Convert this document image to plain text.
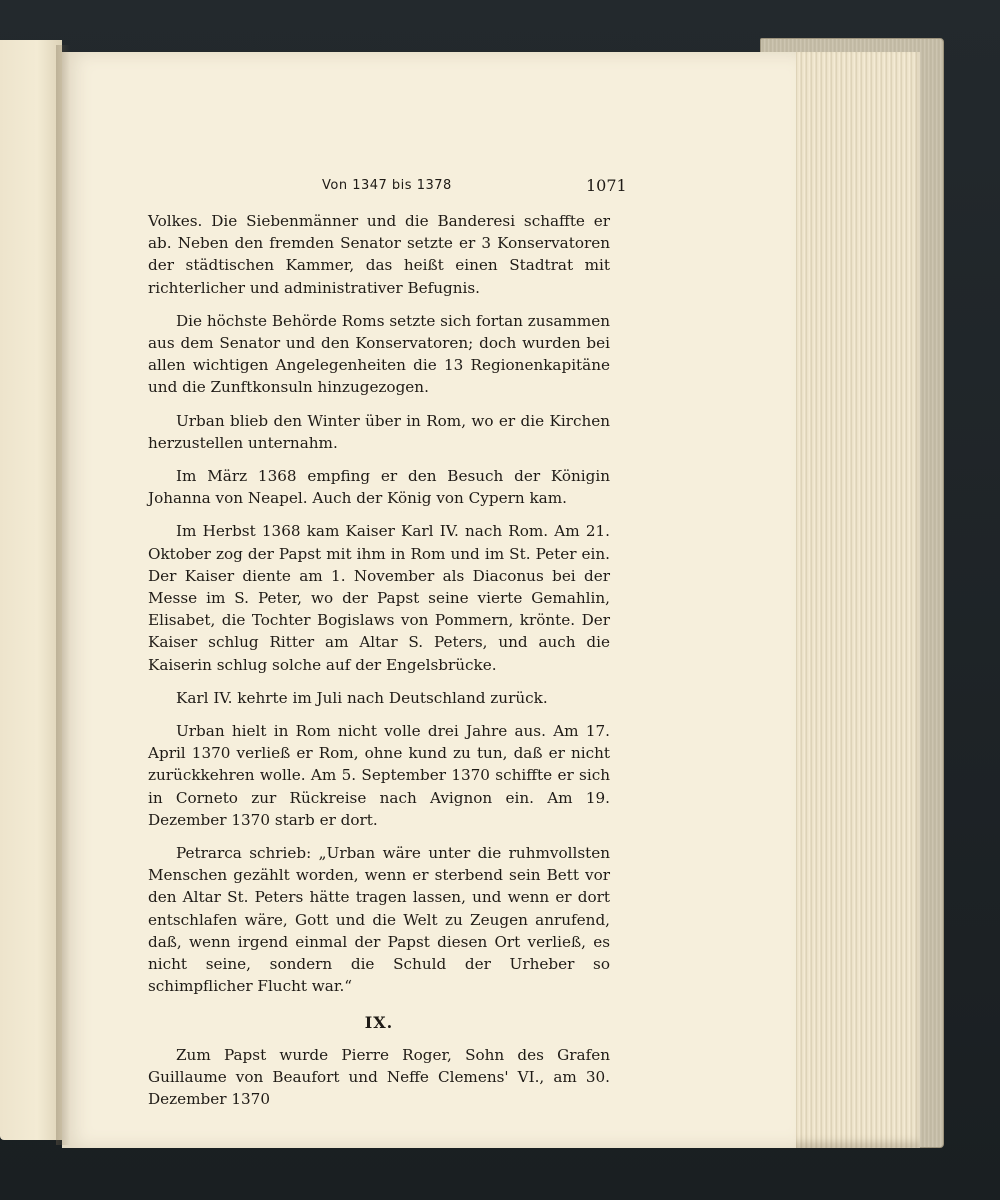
Von 1347 bis 1378	1071

Volkes. Die Siebenmänner und die Banderesi schaffte er ab. Neben den fremden Senator setzte er 3 Konservatoren der städtischen Kammer, das heißt einen Stadtrat mit richterlicher und administrativer Befugnis.

Die höchste Behörde Roms setzte sich fortan zusammen aus dem Senator und den Konservatoren; doch wurden bei allen wichtigen Angelegenheiten die 13 Regionenkapitäne und die Zunftkonsuln hinzugezogen.

Urban blieb den Winter über in Rom, wo er die Kirchen herzustellen unternahm.

Im März 1368 empfing er den Besuch der Königin Johanna von Neapel. Auch der König von Cypern kam.

Im Herbst 1368 kam Kaiser Karl IV. nach Rom. Am 21. Oktober zog der Papst mit ihm in Rom und im St. Peter ein. Der Kaiser diente am 1. November als Diaconus bei der Messe im S. Peter, wo der Papst seine vierte Gemahlin, Elisabet, die Tochter Bogislaws von Pommern, krönte. Der Kaiser schlug Ritter am Altar S. Peters, und auch die Kaiserin schlug solche auf der Engelsbrücke.

Karl IV. kehrte im Juli nach Deutschland zurück.

Urban hielt in Rom nicht volle drei Jahre aus. Am 17. April 1370 verließ er Rom, ohne kund zu tun, daß er nicht zurückkehren wolle. Am 5. September 1370 schiffte er sich in Corneto zur Rückreise nach Avignon ein. Am 19. Dezember 1370 starb er dort.

Petrarca schrieb: „Urban wäre unter die ruhmvollsten Menschen gezählt worden, wenn er sterbend sein Bett vor den Altar St. Peters hätte tragen lassen, und wenn er dort entschlafen wäre, Gott und die Welt zu Zeugen anrufend, daß, wenn irgend einmal der Papst diesen Ort verließ, es nicht seine, sondern die Schuld der Urheber so schimpflicher Flucht war.“

IX.

Zum Papst wurde Pierre Roger, Sohn des Grafen Guillaume von Beaufort und Neffe Clemens' VI., am 30. Dezember 1370
